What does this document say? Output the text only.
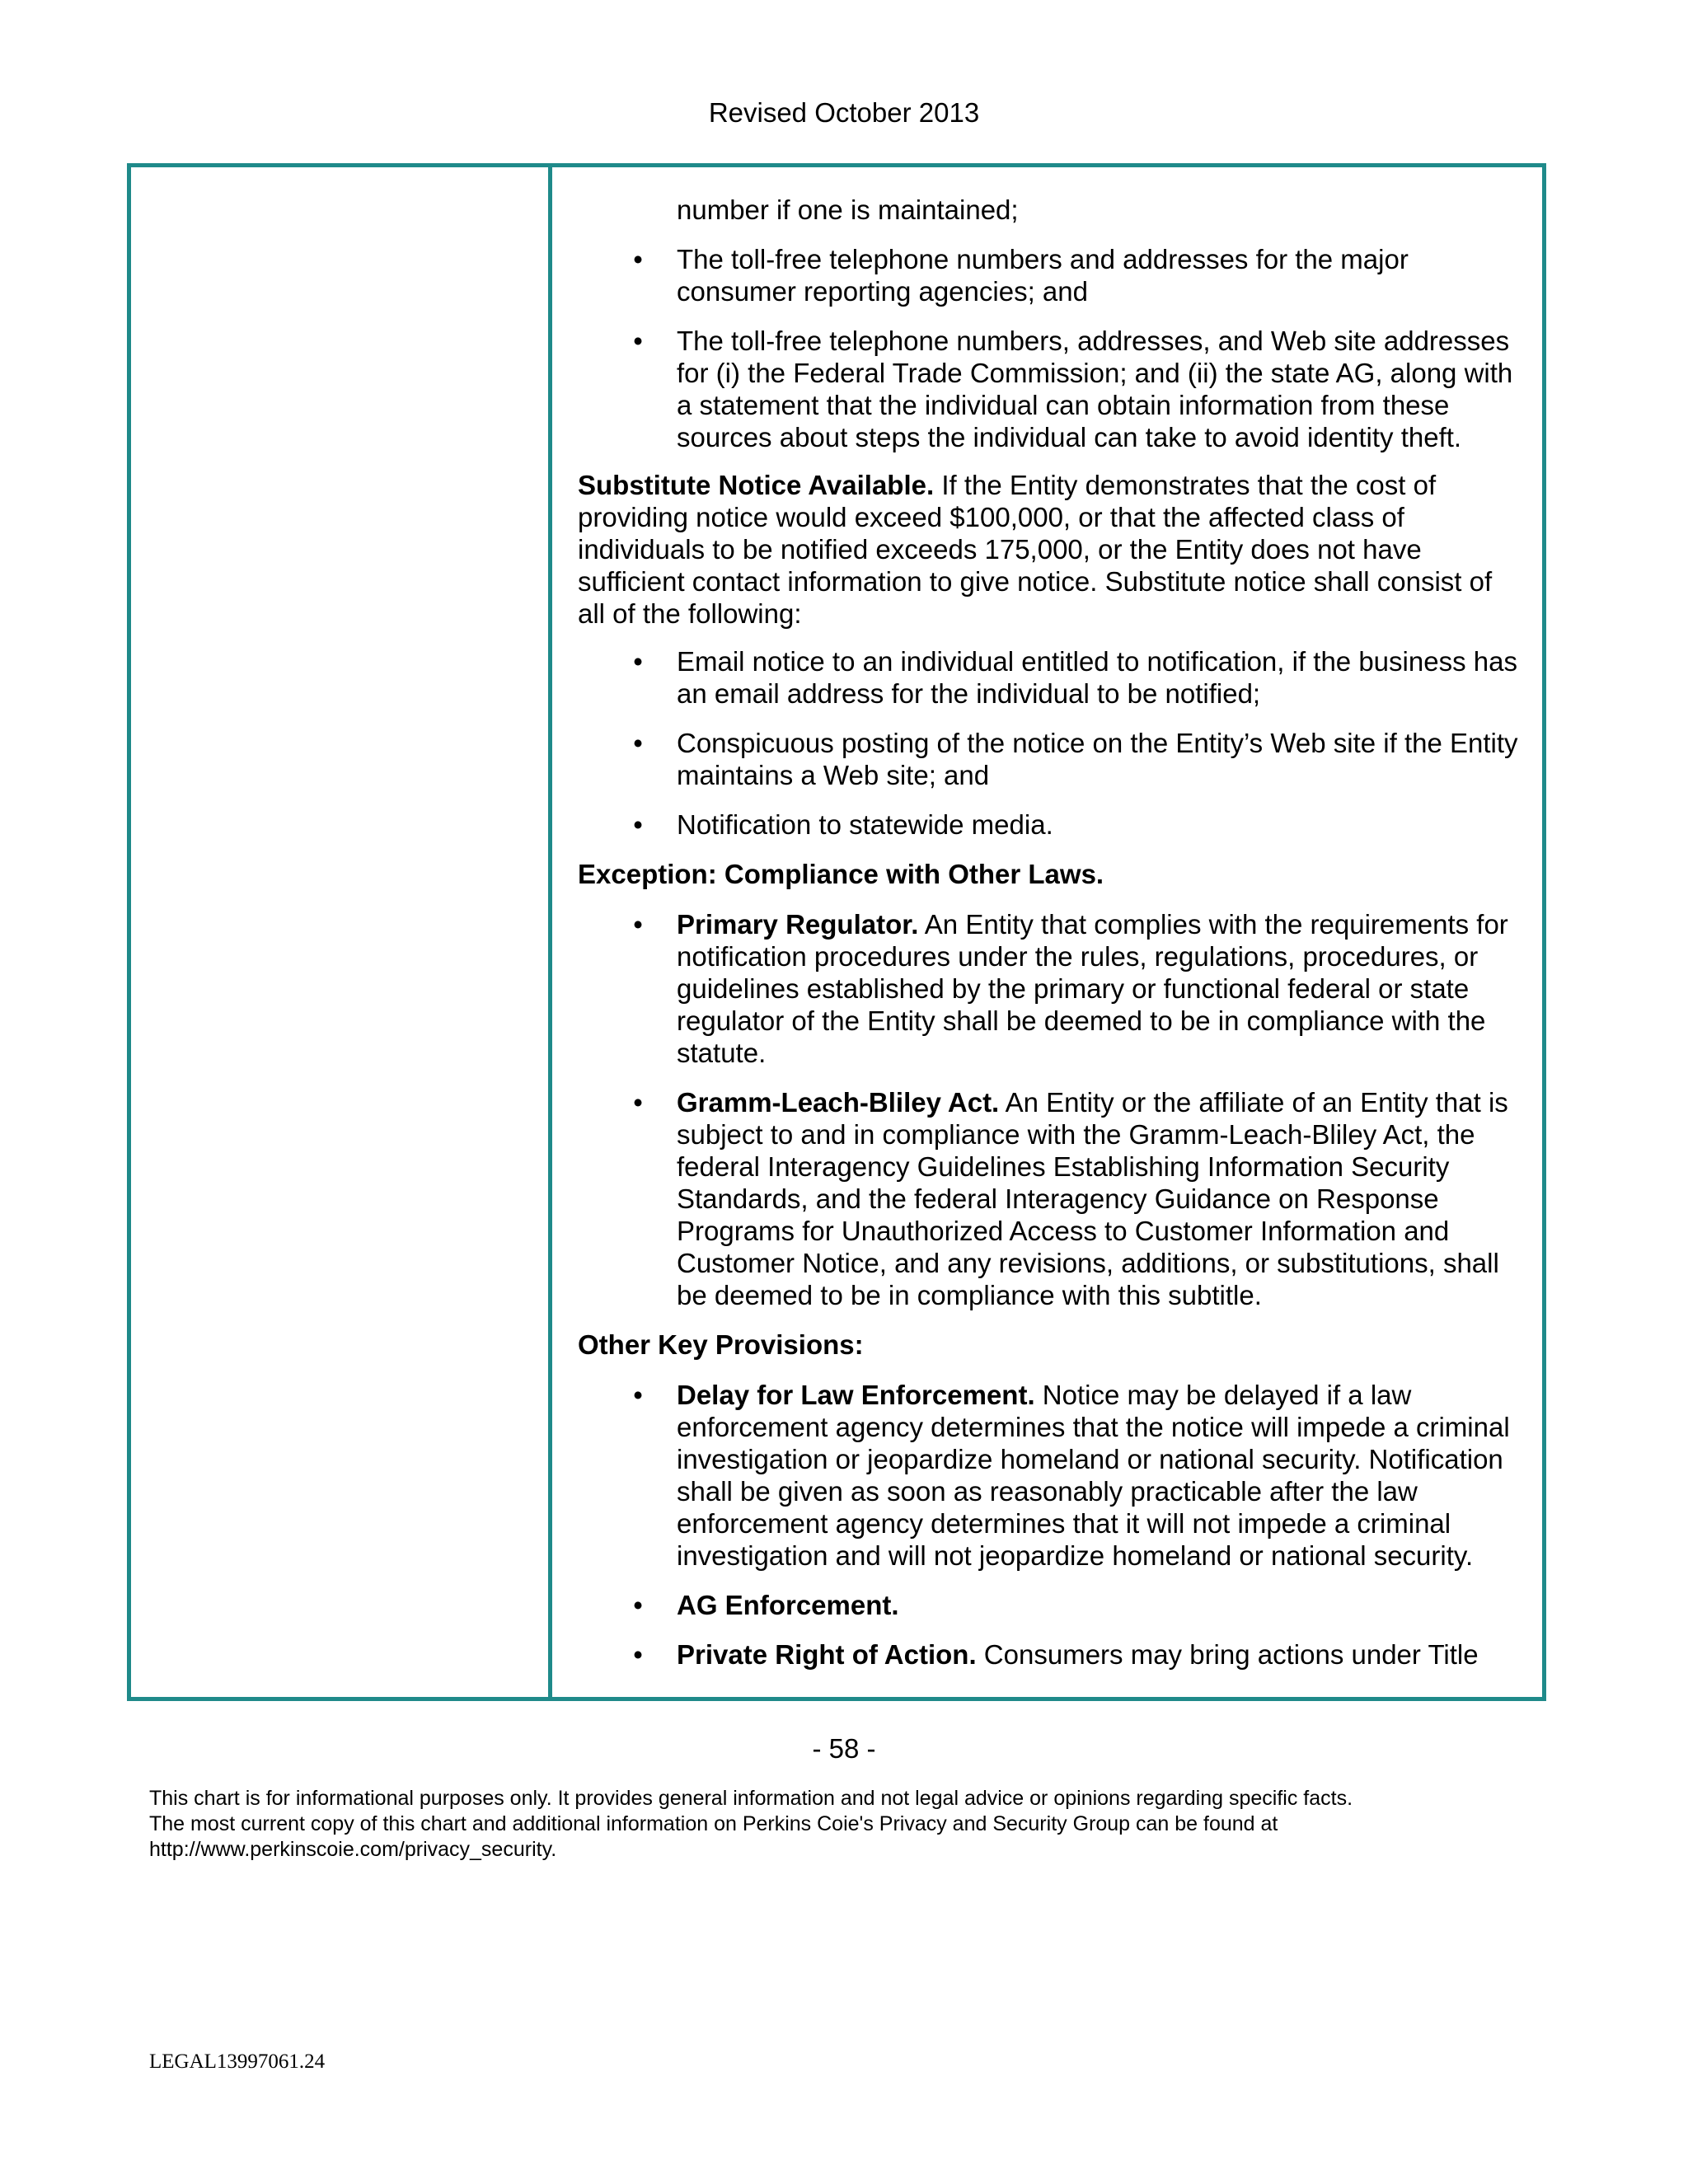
Revised October 2013

number if one is maintained;

• The toll-free telephone numbers and addresses for the major consumer reporting agencies; and
• The toll-free telephone numbers, addresses, and Web site addresses for (i) the Federal Trade Commission; and (ii) the state AG, along with a statement that the individual can obtain information from these sources about steps the individual can take to avoid identity theft.

Substitute Notice Available. If the Entity demonstrates that the cost of providing notice would exceed $100,000, or that the affected class of individuals to be notified exceeds 175,000, or the Entity does not have sufficient contact information to give notice. Substitute notice shall consist of all of the following:

• Email notice to an individual entitled to notification, if the business has an email address for the individual to be notified;
• Conspicuous posting of the notice on the Entity’s Web site if the Entity maintains a Web site; and
• Notification to statewide media.

Exception: Compliance with Other Laws.

• Primary Regulator. An Entity that complies with the requirements for notification procedures under the rules, regulations, procedures, or guidelines established by the primary or functional federal or state regulator of the Entity shall be deemed to be in compliance with the statute.
• Gramm-Leach-Bliley Act. An Entity or the affiliate of an Entity that is subject to and in compliance with the Gramm-Leach-Bliley Act, the federal Interagency Guidelines Establishing Information Security Standards, and the federal Interagency Guidance on Response Programs for Unauthorized Access to Customer Information and Customer Notice, and any revisions, additions, or substitutions, shall be deemed to be in compliance with this subtitle.

Other Key Provisions:

• Delay for Law Enforcement. Notice may be delayed if a law enforcement agency determines that the notice will impede a criminal investigation or jeopardize homeland or national security. Notification shall be given as soon as reasonably practicable after the law enforcement agency determines that it will not impede a criminal investigation and will not jeopardize homeland or national security.
• AG Enforcement.
• Private Right of Action. Consumers may bring actions under Title
- 58 -
This chart is for informational purposes only. It provides general information and not legal advice or opinions regarding specific facts.
The most current copy of this chart and additional information on Perkins Coie's Privacy and Security Group can be found at
http://www.perkinscoie.com/privacy_security.
LEGAL13997061.24
